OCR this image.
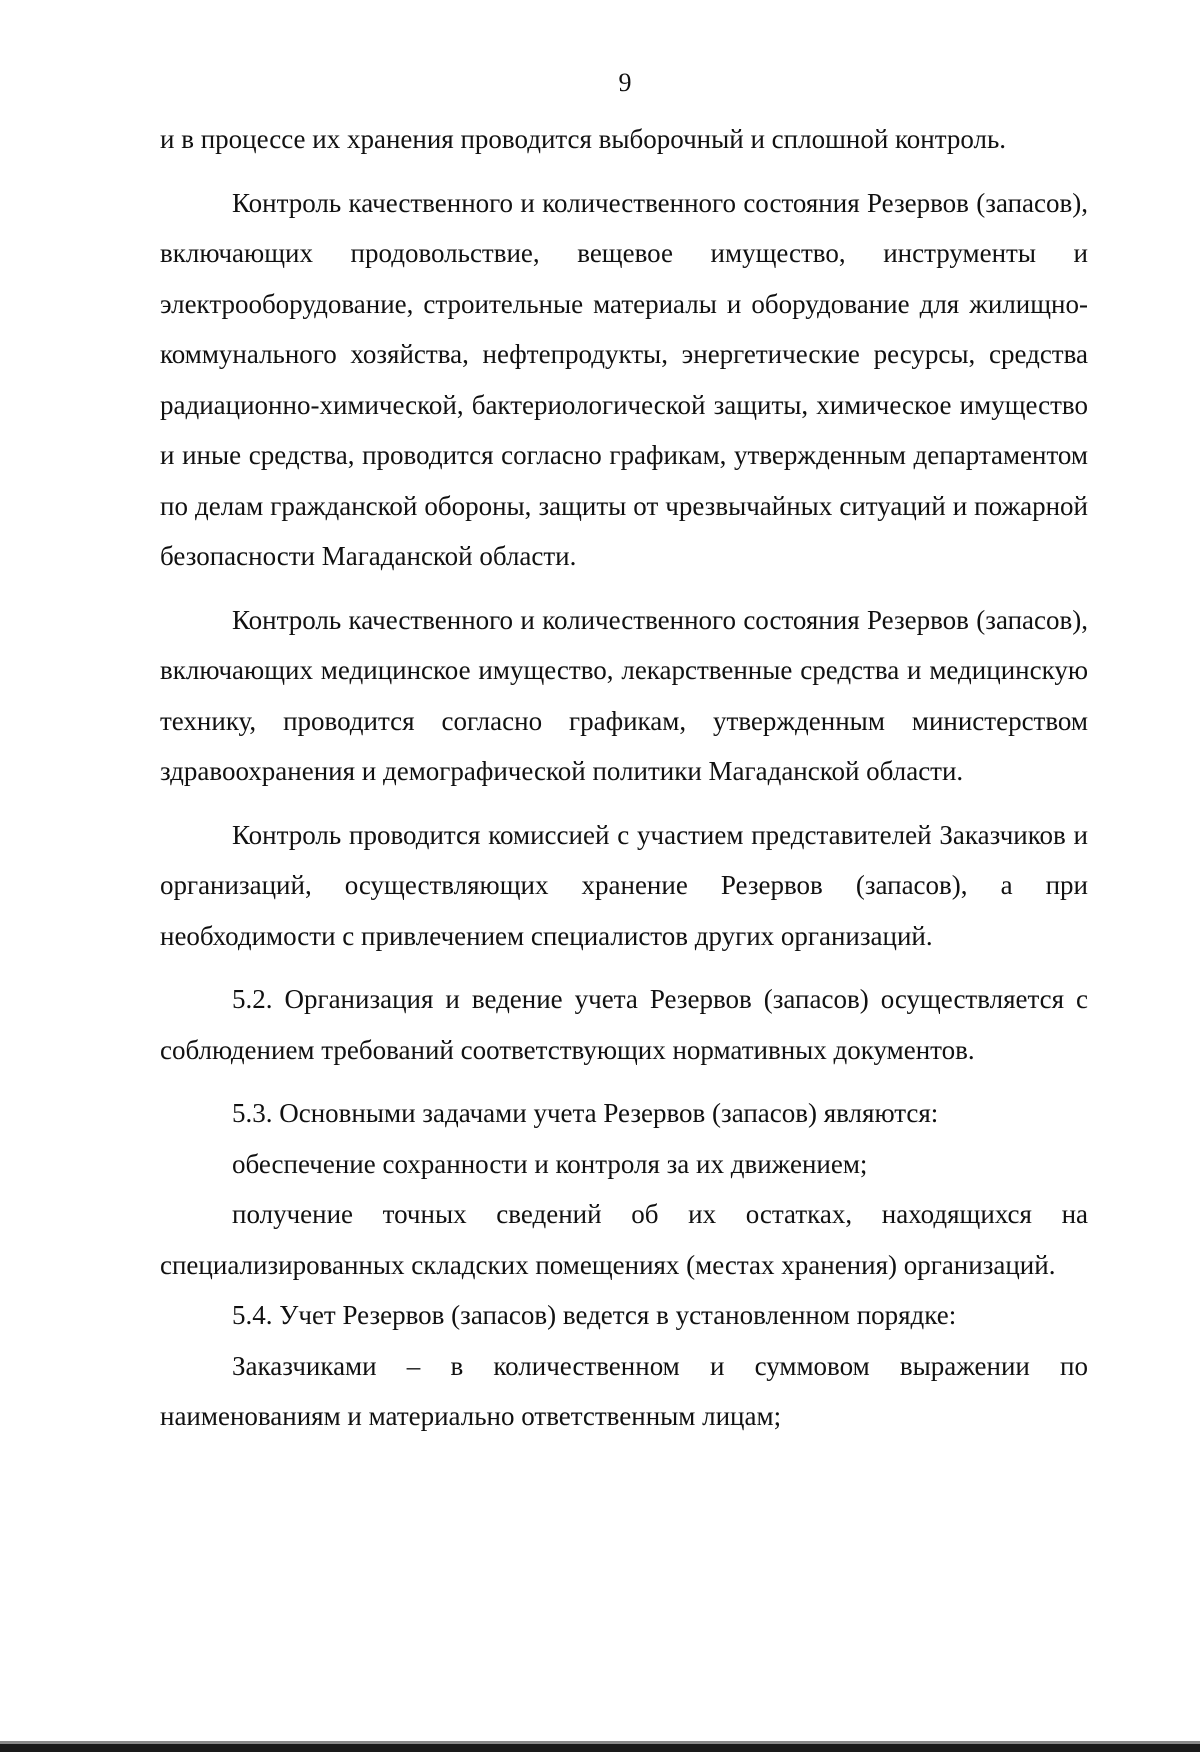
9

и в процессе их хранения проводится выборочный и сплошной контроль.

Контроль качественного и количественного состояния Резервов (запасов), включающих продовольствие, вещевое имущество, инструменты и электрооборудование, строительные материалы и оборудование для жилищно-коммунального хозяйства, нефтепродукты, энергетические ресурсы, средства радиационно-химической, бактериологической защиты, химическое имущество и иные средства, проводится согласно графикам, утвержденным департаментом по делам гражданской обороны, защиты от чрезвычайных ситуаций и пожарной безопасности Магаданской области.

Контроль качественного и количественного состояния Резервов (запасов), включающих медицинское имущество, лекарственные средства и медицинскую технику, проводится согласно графикам, утвержденным министерством здравоохранения и демографической политики Магаданской области.

Контроль проводится комиссией с участием представителей Заказчиков и организаций, осуществляющих хранение Резервов (запасов), а при необходимости с привлечением специалистов других организаций.

5.2. Организация и ведение учета Резервов (запасов) осуществляется с соблюдением требований соответствующих нормативных документов.

5.3. Основными задачами учета Резервов (запасов) являются:

обеспечение сохранности и контроля за их движением;

получение точных сведений об их остатках, находящихся на специализированных складских помещениях (местах хранения) организаций.

5.4. Учет Резервов (запасов) ведется в установленном порядке:

Заказчиками – в количественном и суммовом выражении по наименованиям и материально ответственным лицам;
